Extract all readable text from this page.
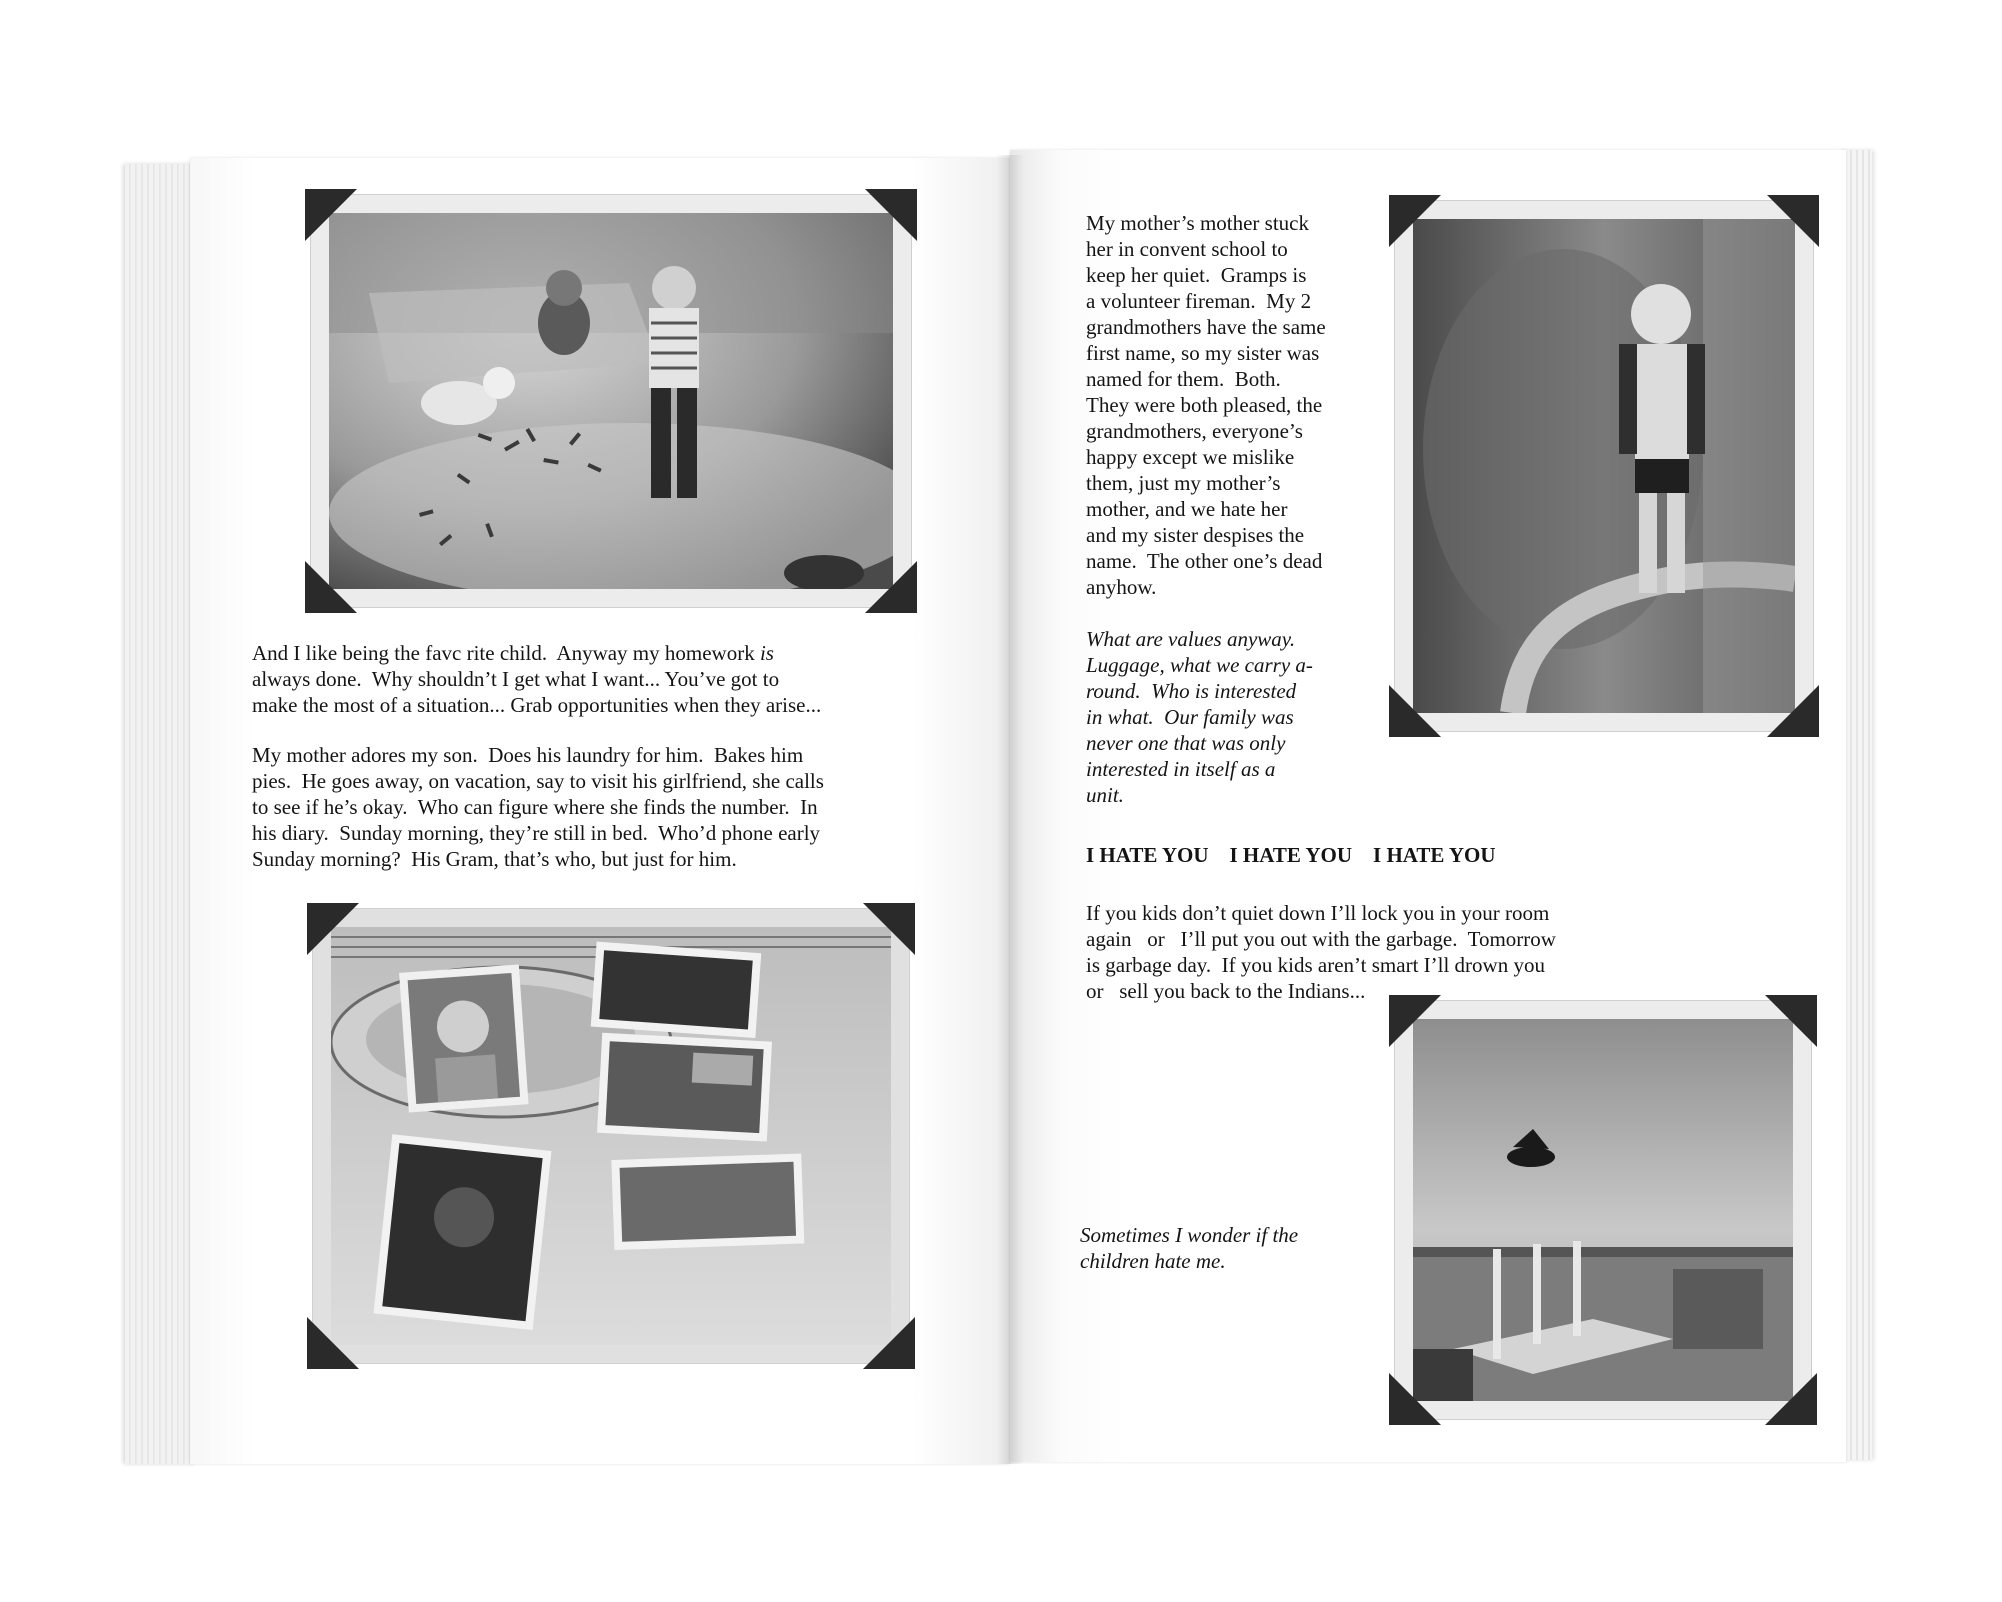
And I like being the favc rite child.  Anyway my homework is
always done.  Why shouldn’t I get what I want... You’ve got to
make the most of a situation... Grab opportunities when they arise...
My mother adores my son.  Does his laundry for him.  Bakes him
pies.  He goes away, on vacation, say to visit his girlfriend, she calls
to see if he’s okay.  Who can figure where she finds the number.  In
his diary.  Sunday morning, they’re still in bed.  Who’d phone early
Sunday morning?  His Gram, that’s who, but just for him.
My mother’s mother stuck
her in convent school to
keep her quiet.  Gramps is
a volunteer fireman.  My 2
grandmothers have the same
first name, so my sister was
named for them.  Both.
They were both pleased, the
grandmothers, everyone’s
happy except we mislike
them, just my mother’s
mother, and we hate her
and my sister despises the
name.  The other one’s dead
anyhow.
What are values anyway.
Luggage, what we carry a-
round.  Who is interested
in what.  Our family was
never one that was only
interested in itself as a
unit.
I HATE YOU    I HATE YOU    I HATE YOU
If you kids don’t quiet down I’ll lock you in your room
again   or   I’ll put you out with the garbage.  Tomorrow
is garbage day.  If you kids aren’t smart I’ll drown you
or   sell you back to the Indians...
Sometimes I wonder if the
children hate me.
